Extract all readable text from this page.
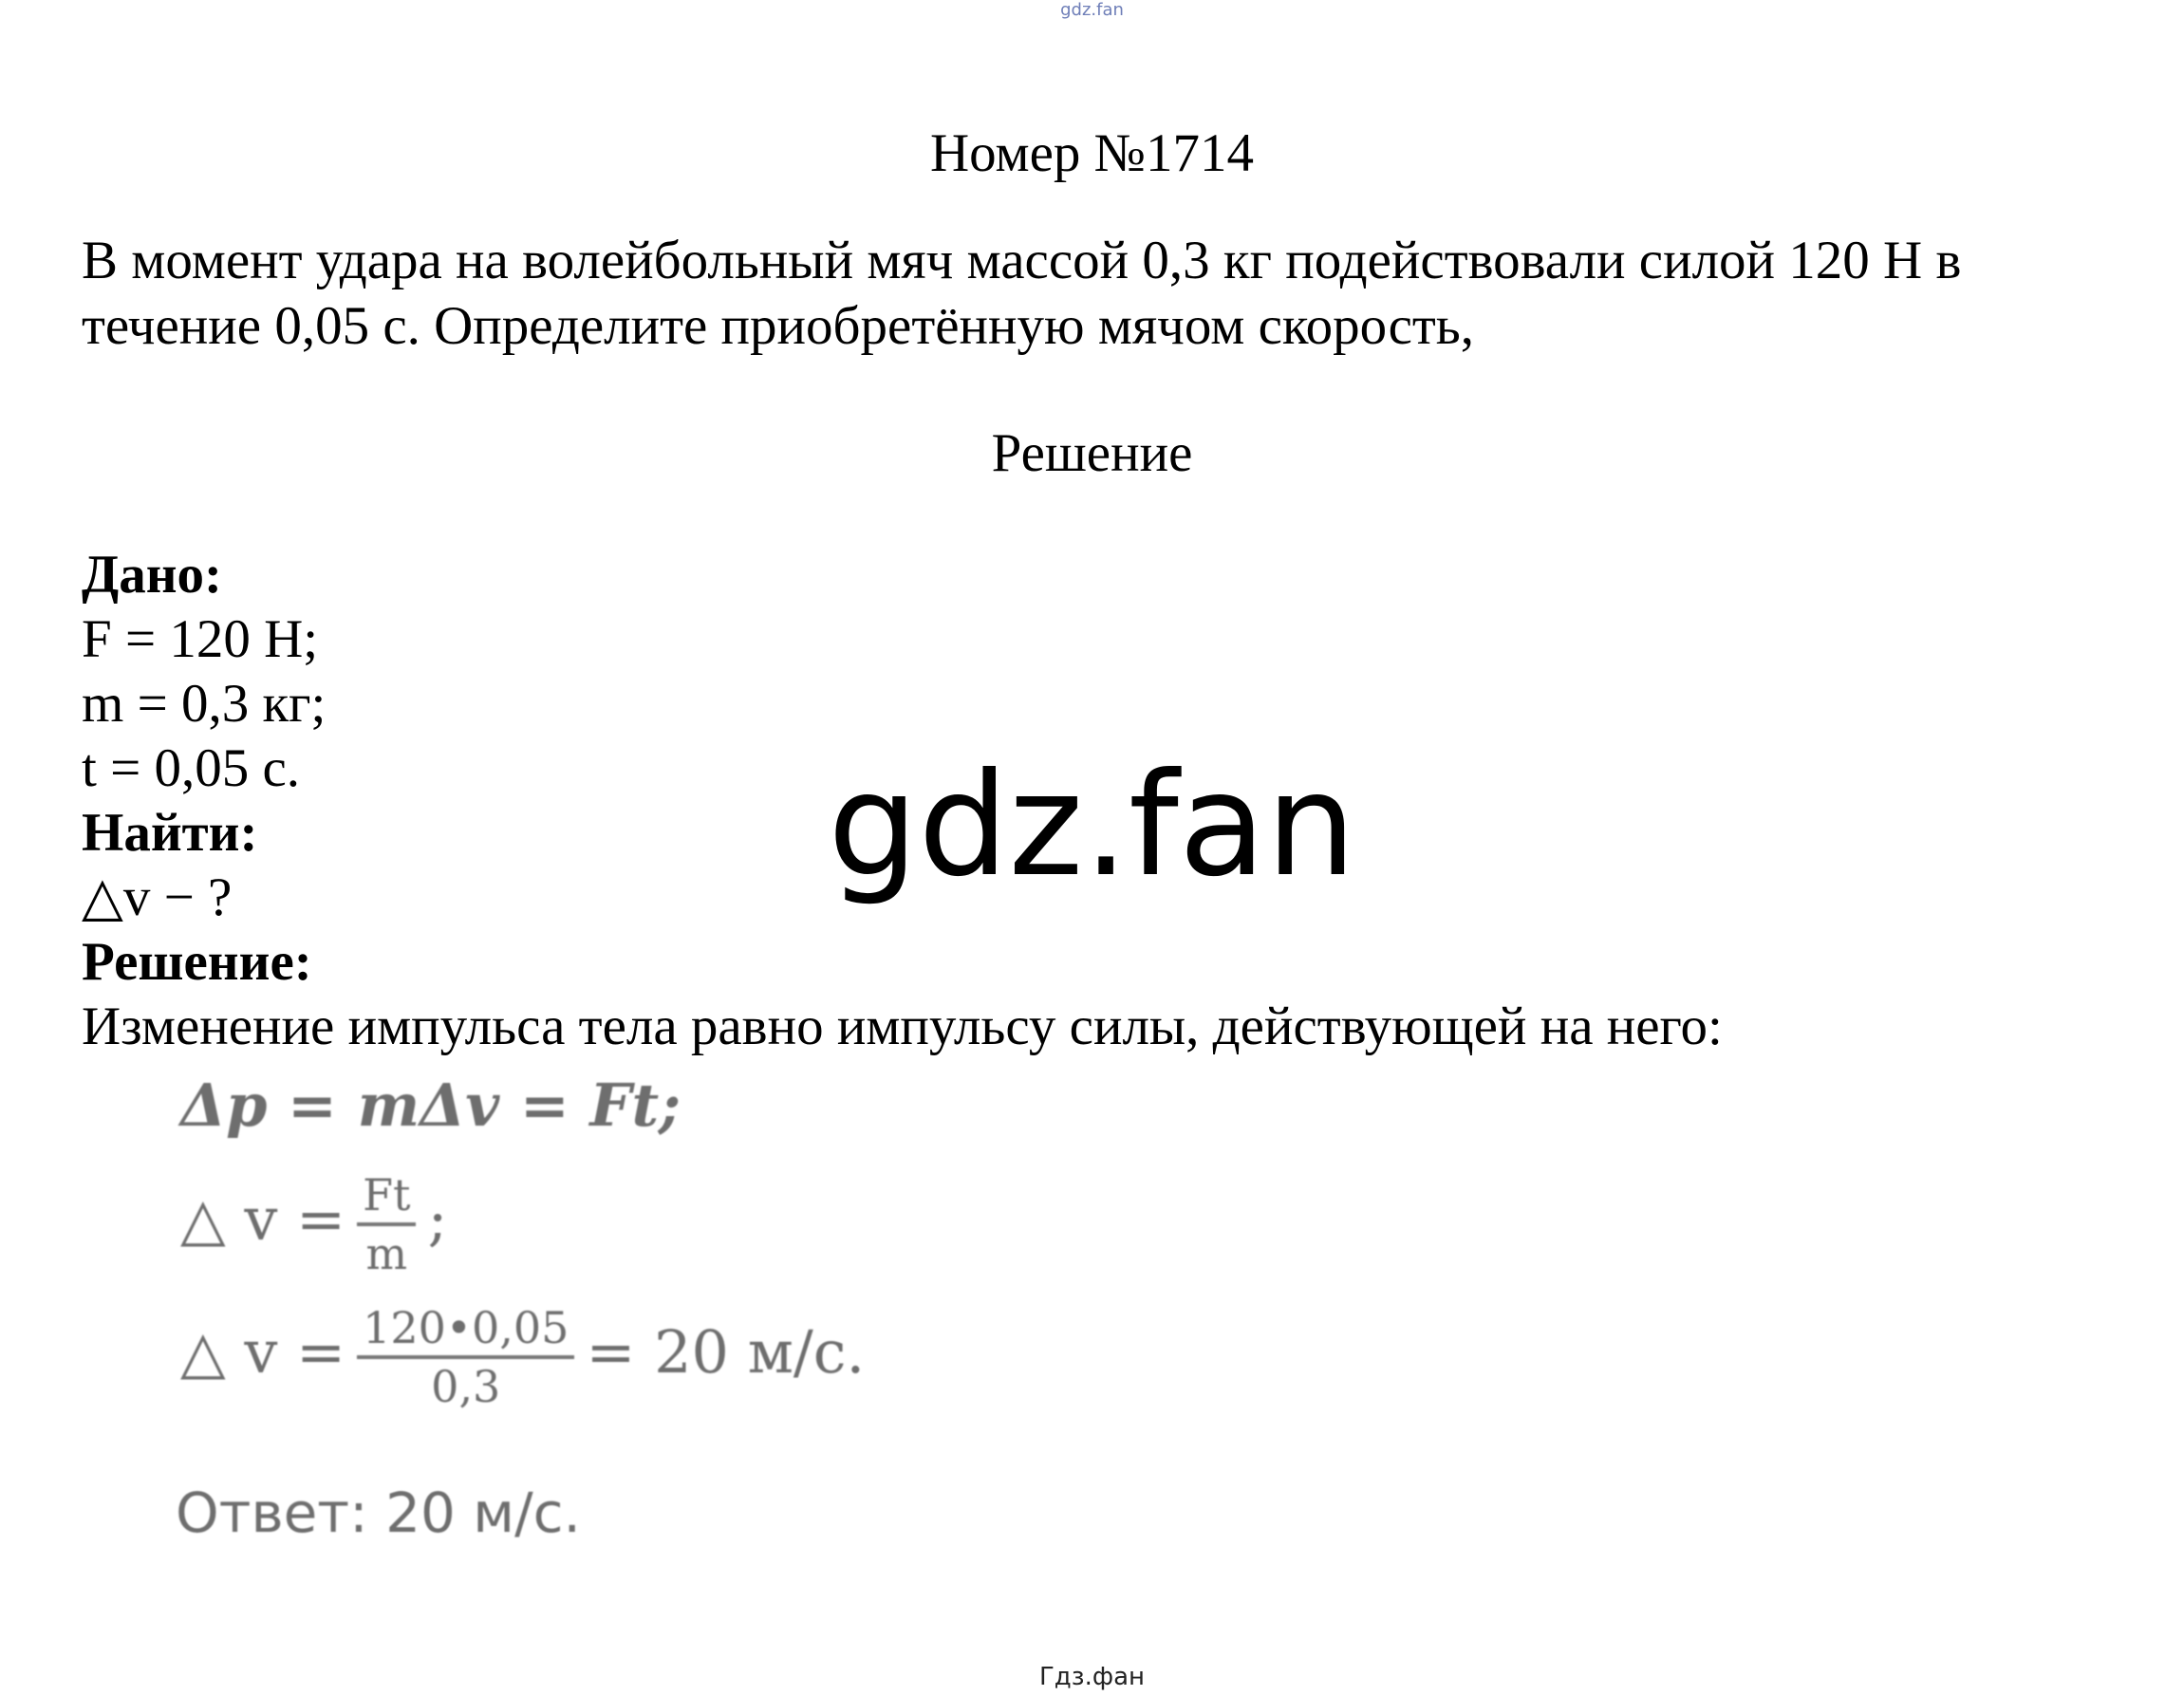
gdz.fan
Номер №1714
В момент удара на волейбольный мяч массой 0,3 кг подействовали силой 120 Н в течение 0,05 с. Определите приобретённую мячом скорость,
Решение
Дано:
F = 120 Н;
m = 0,3 кг;
t = 0,05 с.
Найти:
△v − ?
Решение:
Изменение импульса тела равно импульсу силы, действующей на него:
gdz.fan
Δp = mΔv = Ft;
△ $v = \frac{Ft}{m}$ ;
△ $v = \frac{120•0,05}{0,3} = 20$ м/с.
Ответ: 20 м/с.
Гдз.фан
